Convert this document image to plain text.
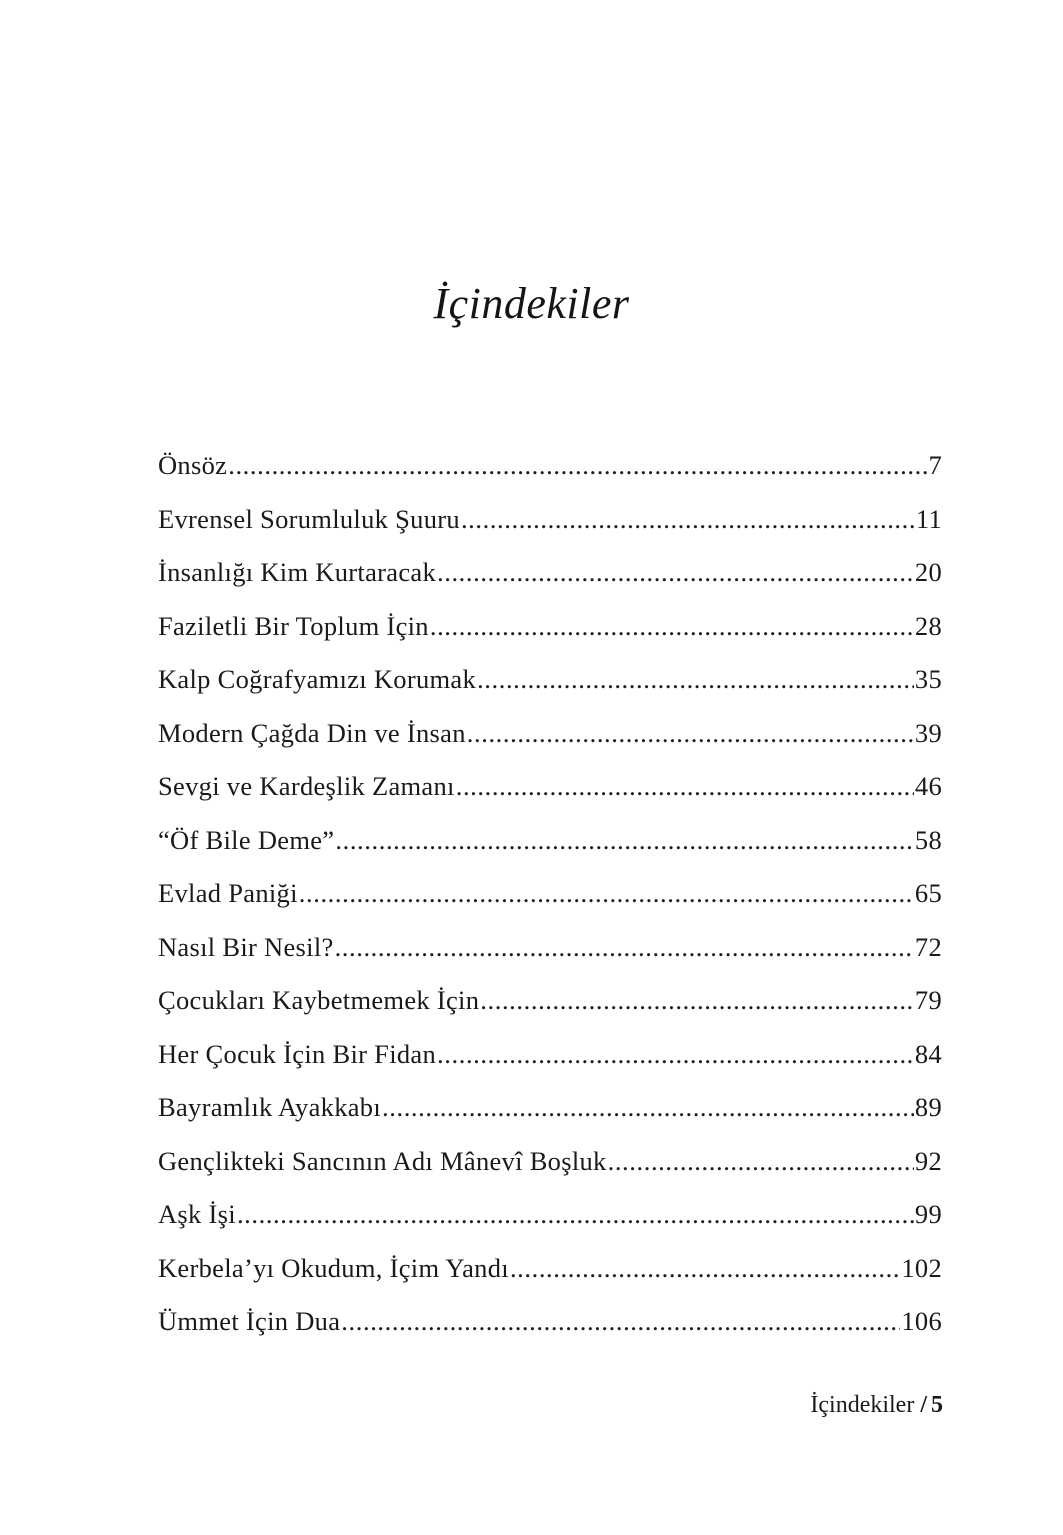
İçindekiler
Önsöz .....	7
Evrensel Sorumluluk Şuuru .....	11
İnsanlığı Kim Kurtaracak .....	20
Faziletli Bir Toplum İçin .....	28
Kalp Coğrafyamızı Korumak .....	35
Modern Çağda Din ve İnsan .....	39
Sevgi ve Kardeşlik Zamanı .....	46
“Öf Bile Deme” .....	58
Evlad Paniği .....	65
Nasıl Bir Nesil? .....	72
Çocukları Kaybetmemek İçin .....	79
Her Çocuk İçin Bir Fidan .....	84
Bayramlık Ayakkabı .....	89
Gençlikteki Sancının Adı Mânevî Boşluk .....	92
Aşk İşi .....	99
Kerbela’yı Okudum, İçim Yandı .....	102
Ümmet İçin Dua .....	106
İçindekiler / 5
